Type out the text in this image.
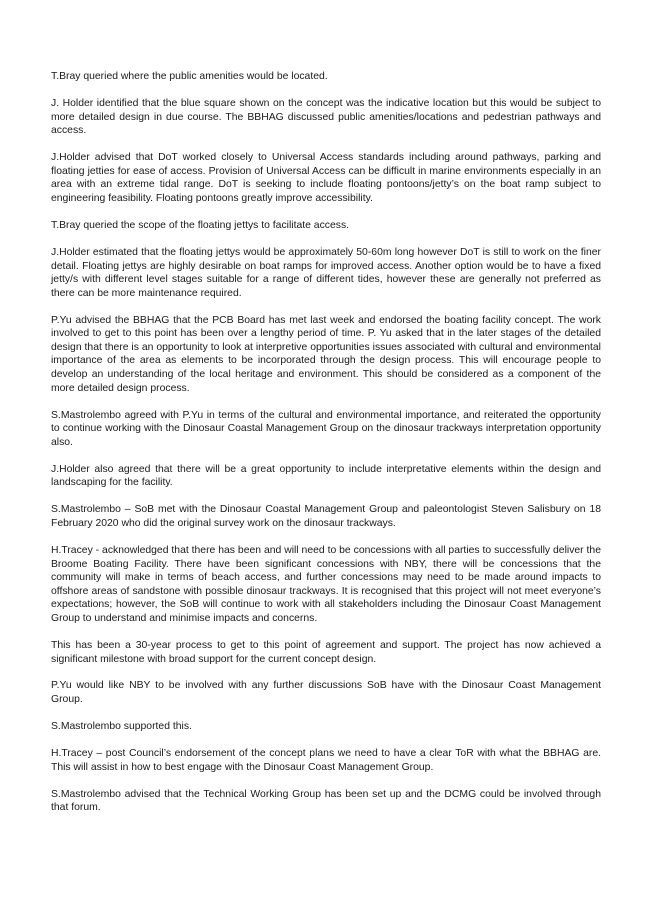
T.Bray queried where the public amenities would be located.

J. Holder identified that the blue square shown on the concept was the indicative location but this would be subject to more detailed design in due course. The BBHAG discussed public amenities/locations and pedestrian pathways and access.

J.Holder advised that DoT worked closely to Universal Access standards including around pathways, parking and floating jetties for ease of access. Provision of Universal Access can be difficult in marine environments especially in an area with an extreme tidal range. DoT is seeking to include floating pontoons/jetty’s on the boat ramp subject to engineering feasibility. Floating pontoons greatly improve accessibility.

T.Bray queried the scope of the floating jettys to facilitate access.

J.Holder estimated that the floating jettys would be approximately 50-60m long however DoT is still to work on the finer detail. Floating jettys are highly desirable on boat ramps for improved access. Another option would be to have a fixed jetty/s with different level stages suitable for a range of different tides, however these are generally not preferred as there can be more maintenance required.

P.Yu advised the BBHAG that the PCB Board has met last week and endorsed the boating facility concept. The work involved to get to this point has been over a lengthy period of time. P. Yu asked that in the later stages of the detailed design that there is an opportunity to look at interpretive opportunities issues associated with cultural and environmental importance of the area as elements to be incorporated through the design process. This will encourage people to develop an understanding of the local heritage and environment. This should be considered as a component of the more detailed design process.

S.Mastrolembo agreed with P.Yu in terms of the cultural and environmental importance, and reiterated the opportunity to continue working with the Dinosaur Coastal Management Group on the dinosaur trackways interpretation opportunity also.

J.Holder also agreed that there will be a great opportunity to include interpretative elements within the design and landscaping for the facility.

S.Mastrolembo – SoB met with the Dinosaur Coastal Management Group and paleontologist Steven Salisbury on 18 February 2020 who did the original survey work on the dinosaur trackways.

H.Tracey - acknowledged that there has been and will need to be concessions with all parties to successfully deliver the Broome Boating Facility. There have been significant concessions with NBY, there will be concessions that the community will make in terms of beach access, and further concessions may need to be made around impacts to offshore areas of sandstone with possible dinosaur trackways. It is recognised that this project will not meet everyone’s expectations; however, the SoB will continue to work with all stakeholders including the Dinosaur Coast Management Group to understand and minimise impacts and concerns.

This has been a 30-year process to get to this point of agreement and support. The project has now achieved a significant milestone with broad support for the current concept design.

P.Yu would like NBY to be involved with any further discussions SoB have with the Dinosaur Coast Management Group.

S.Mastrolembo supported this.

H.Tracey – post Council’s endorsement of the concept plans we need to have a clear ToR with what the BBHAG are. This will assist in how to best engage with the Dinosaur Coast Management Group.

S.Mastrolembo advised that the Technical Working Group has been set up and the DCMG could be involved through that forum.
